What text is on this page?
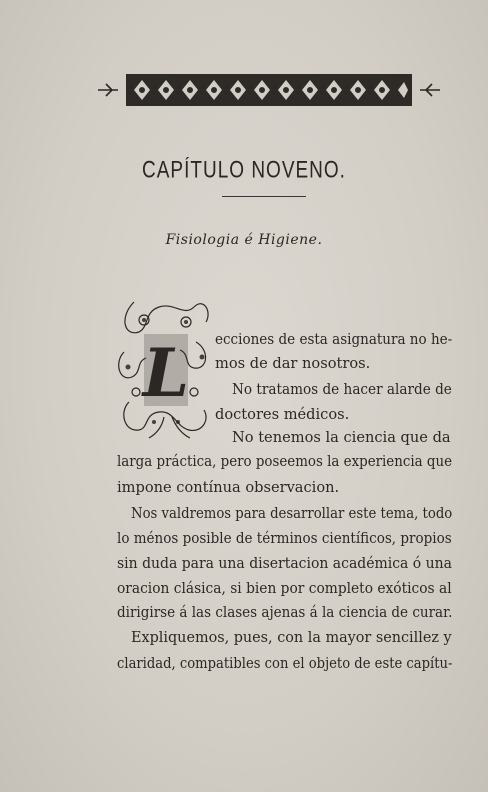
CAPÍTULO NOVENO.
Fisiologia é Higiene.
L ecciones de esta asignatura no he-
mos de dar nosotros.
No tratamos de hacer alarde de
doctores médicos.
No tenemos la ciencia que da
larga práctica, pero poseemos la experiencia que
impone contínua observacion.
Nos valdremos para desarrollar este tema, todo
lo ménos posible de términos científicos, propios
sin duda para una disertacion académica ó una
oracion clásica, si bien por completo exóticos al
dirigirse á las clases ajenas á la ciencia de curar.
Expliquemos, pues, con la mayor sencillez y
claridad, compatibles con el objeto de este capítu-
